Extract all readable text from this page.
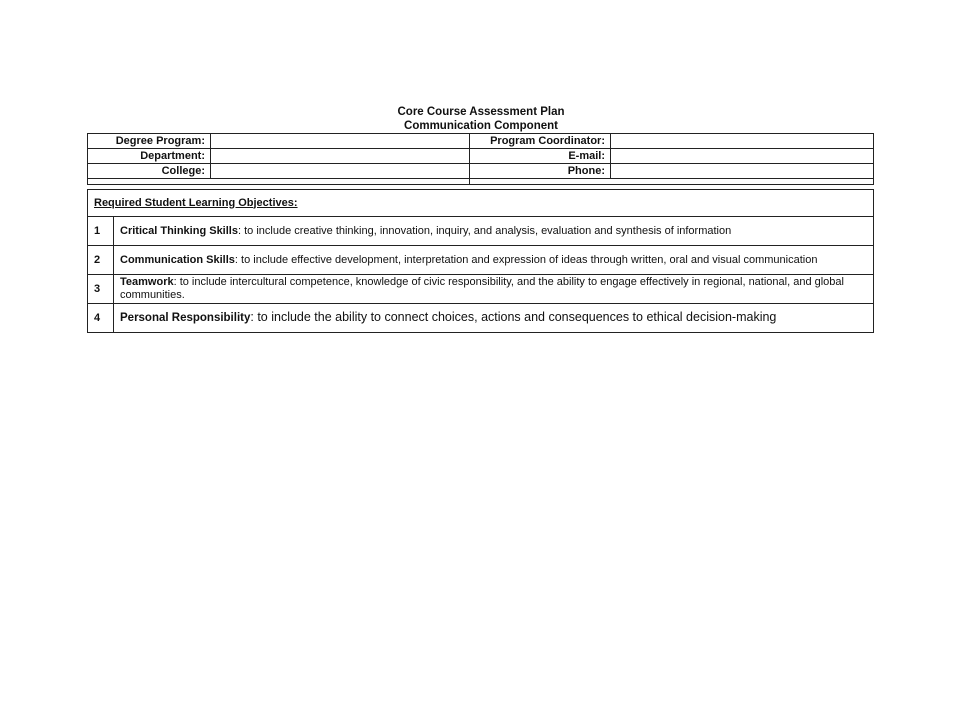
Core Course Assessment Plan
Communication Component
Degree Program:		Program Coordinator:	
Department:		E-mail:	
College:		Phone:	

Required Student Learning Objectives:	
1	Critical Thinking Skills: to include creative thinking, innovation, inquiry, and analysis, evaluation and synthesis of information
2	Communication Skills: to include effective development, interpretation and expression of ideas through written, oral and visual communication
3	Teamwork: to include intercultural competence, knowledge of civic responsibility, and the ability to engage effectively in regional, national, and global communities.
4	Personal Responsibility: to include the ability to connect choices, actions and consequences to ethical decision-making
